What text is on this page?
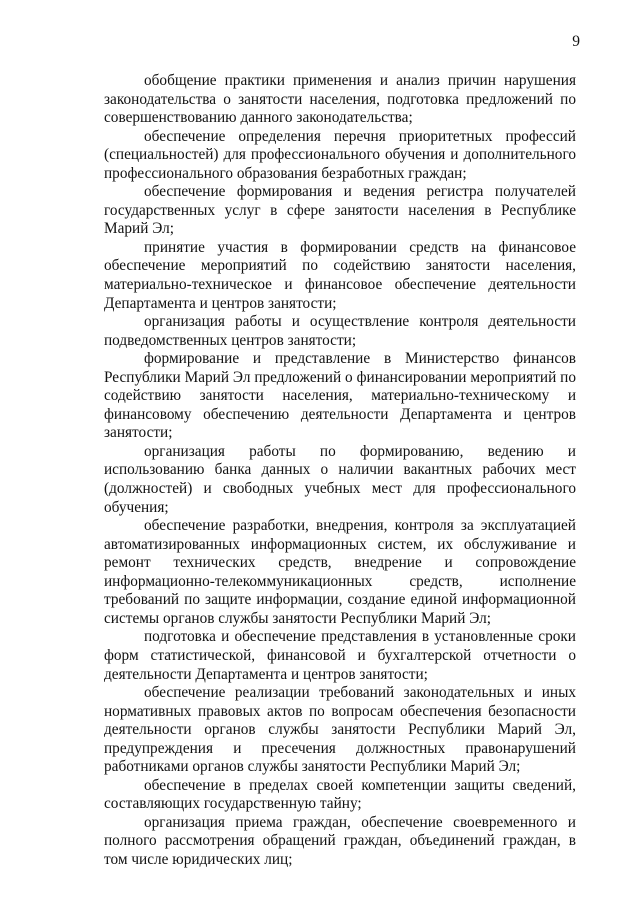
9

обобщение практики применения и анализ причин нарушения законодательства о занятости населения, подготовка предложений по совершенствованию данного законодательства;

обеспечение определения перечня приоритетных профессий (специальностей) для профессионального обучения и дополнительного профессионального образования безработных граждан;

обеспечение формирования и ведения регистра получателей государственных услуг в сфере занятости населения в Республике Марий Эл;

принятие участия в формировании средств на финансовое обеспечение мероприятий по содействию занятости населения, материально-техническое и финансовое обеспечение деятельности Департамента и центров занятости;

организация работы и осуществление контроля деятельности подведомственных центров занятости;

формирование и представление в Министерство финансов Республики Марий Эл предложений о финансировании мероприятий по содействию занятости населения, материально-техническому и финансовому обеспечению деятельности Департамента и центров занятости;

организация работы по формированию, ведению и использованию банка данных о наличии вакантных рабочих мест (должностей) и свободных учебных мест для профессионального обучения;

обеспечение разработки, внедрения, контроля за эксплуатацией автоматизированных информационных систем, их обслуживание и ремонт технических средств, внедрение и сопровождение информационно-телекоммуникационных средств, исполнение требований по защите информации, создание единой информационной системы органов службы занятости Республики Марий Эл;

подготовка и обеспечение представления в установленные сроки форм статистической, финансовой и бухгалтерской отчетности о деятельности Департамента и центров занятости;

обеспечение реализации требований законодательных и иных нормативных правовых актов по вопросам обеспечения безопасности деятельности органов службы занятости Республики Марий Эл, предупреждения и пресечения должностных правонарушений работниками органов службы занятости Республики Марий Эл;

обеспечение в пределах своей компетенции защиты сведений, составляющих государственную тайну;

организация приема граждан, обеспечение своевременного и полного рассмотрения обращений граждан, объединений граждан, в том числе юридических лиц;
